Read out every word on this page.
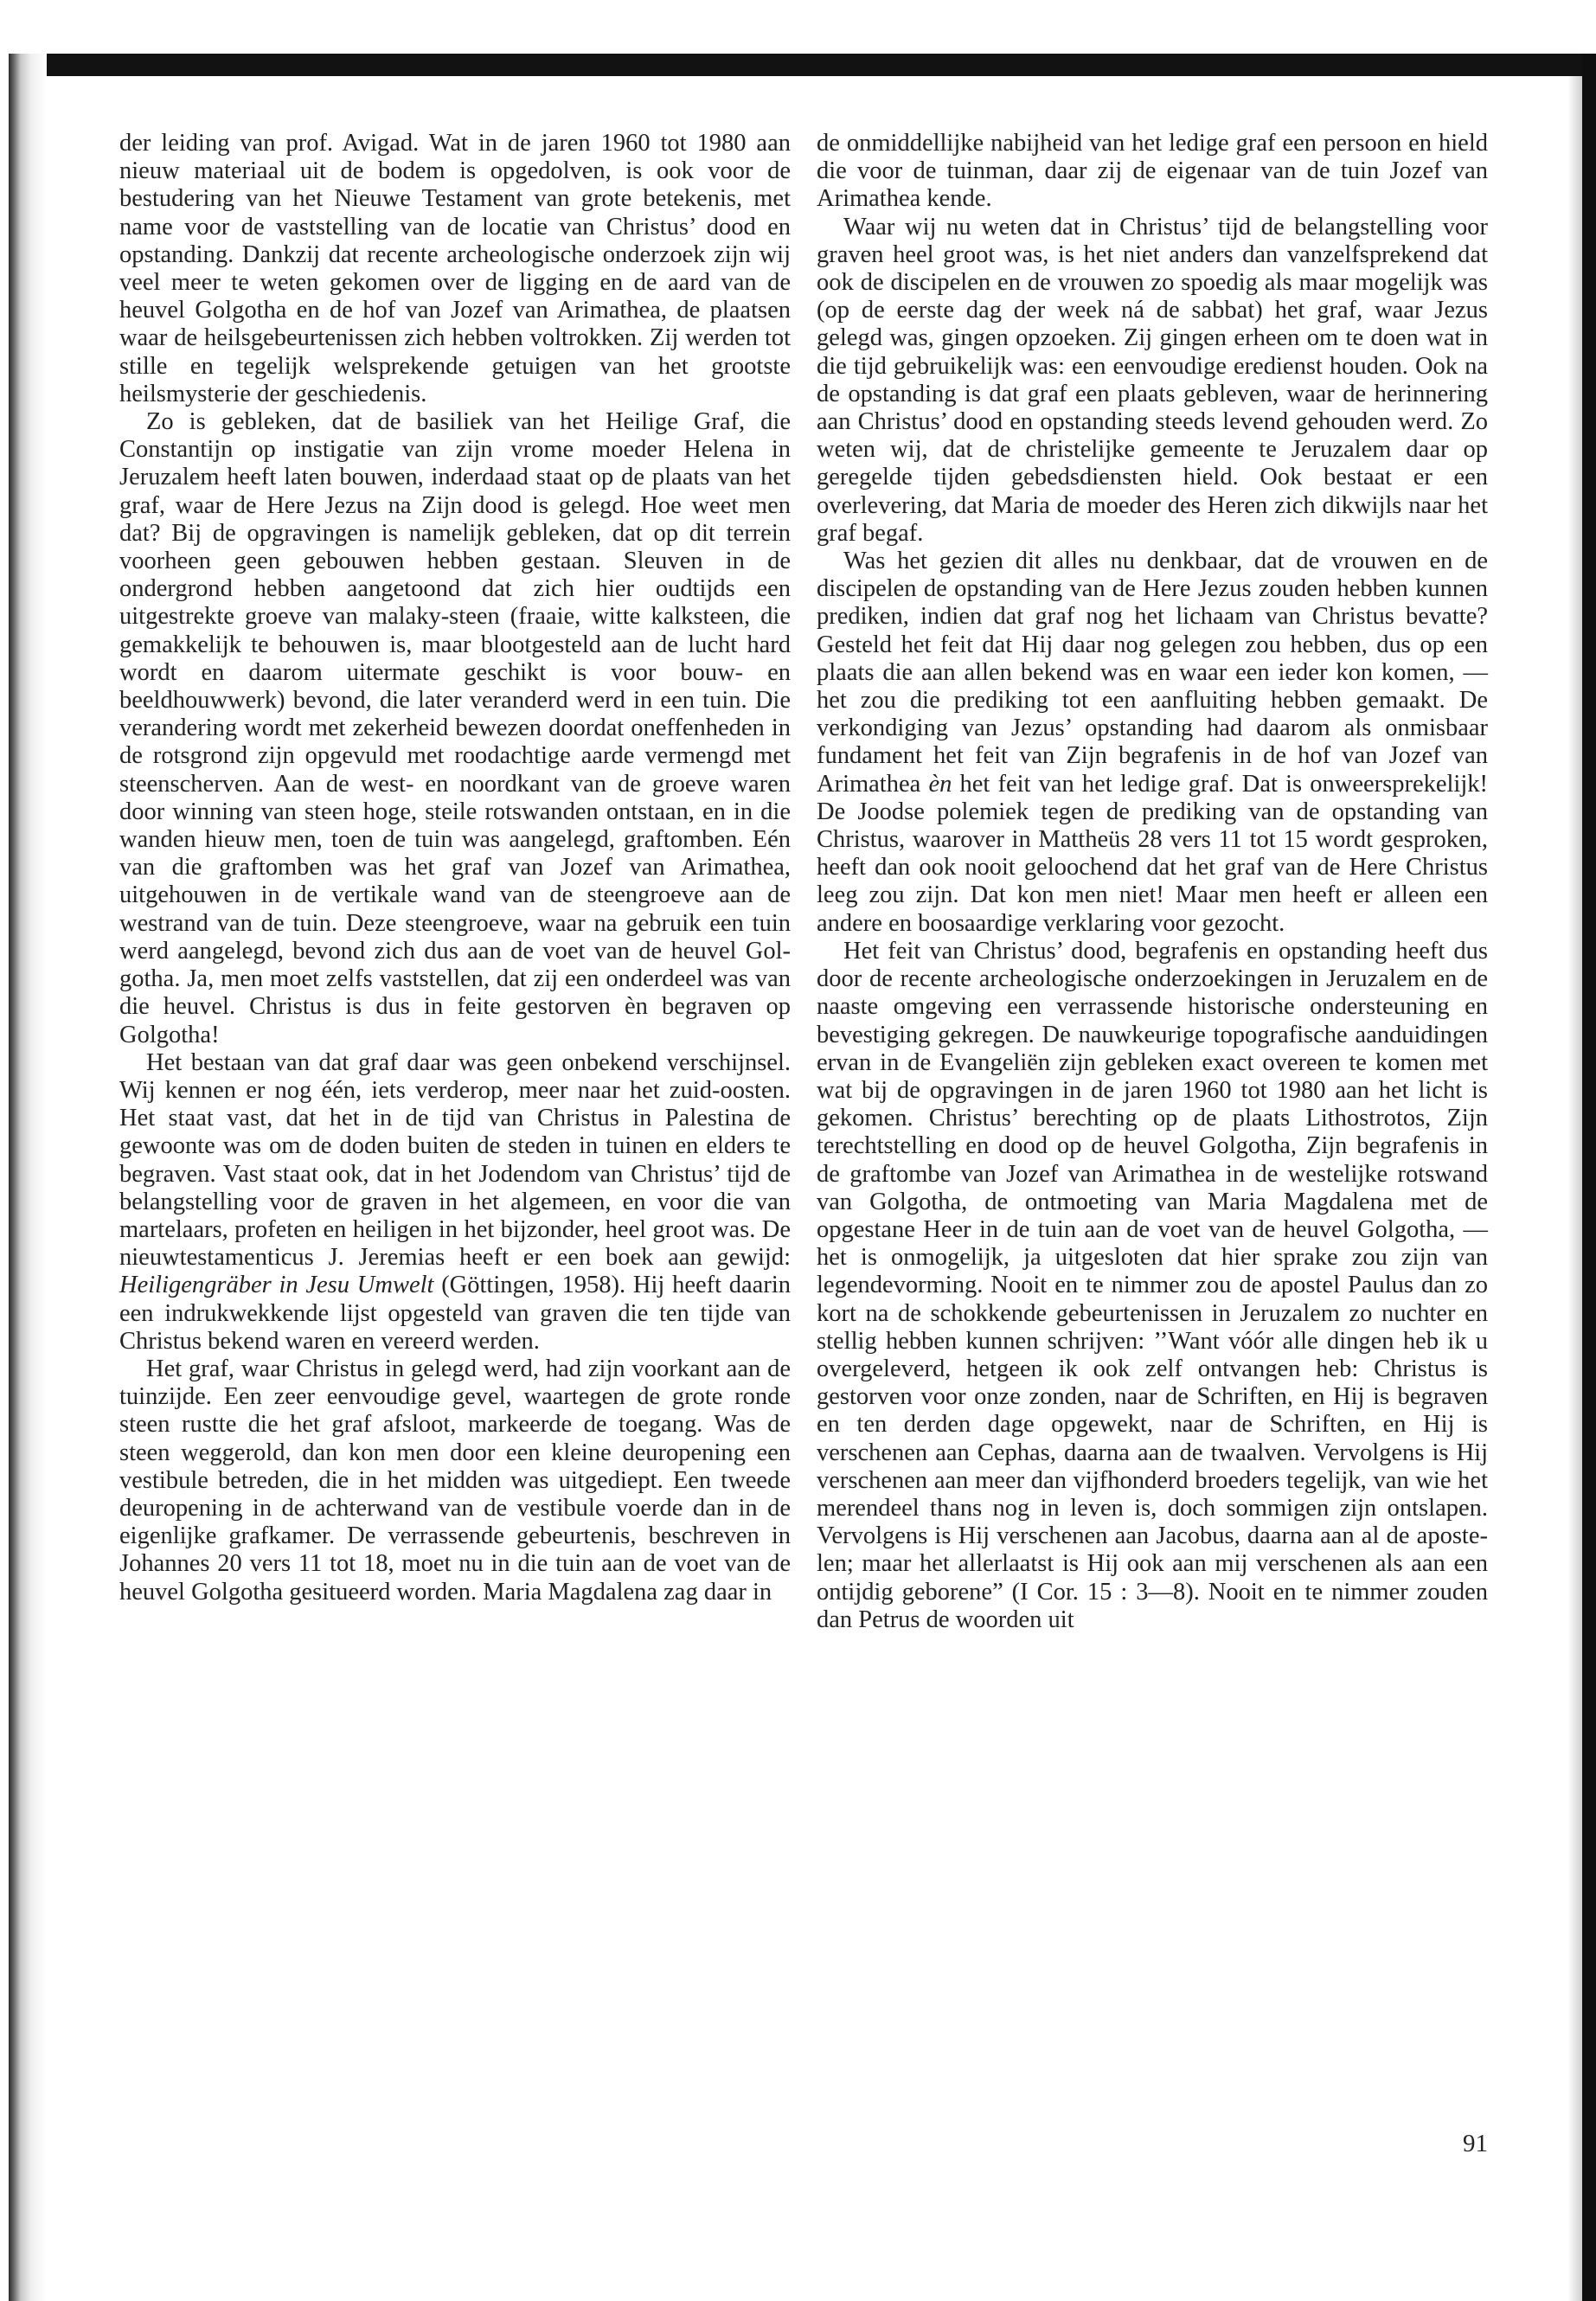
der leiding van prof. Avigad. Wat in de jaren 1960 tot 1980 aan nieuw materiaal uit de bodem is opgedolven, is ook voor de bestudering van het Nieuwe Testament van grote betekenis, met name voor de vaststelling van de locatie van Christus’ dood en opstanding. Dankzij dat recente archeologische onderzoek zijn wij veel meer te weten gekomen over de ligging en de aard van de heuvel Golgotha en de hof van Jozef van Arimathea, de plaatsen waar de heilsgebeurtenissen zich hebben voltrokken. Zij werden tot stille en tegelijk welsprekende getuigen van het grootste heilsmysterie der geschiedenis.

Zo is gebleken, dat de basiliek van het Heilige Graf, die Constantijn op instigatie van zijn vrome moeder Helena in Jeruzalem heeft laten bouwen, inderdaad staat op de plaats van het graf, waar de Here Jezus na Zijn dood is gelegd. Hoe weet men dat? Bij de opgravingen is namelijk gebleken, dat op dit terrein voorheen geen gebouwen hebben gestaan. Sleuven in de ondergrond hebben aangetoond dat zich hier oudtijds een uitgestrekte groeve van malaky-steen (fraaie, witte kalksteen, die gemakkelijk te behouwen is, maar blootgesteld aan de lucht hard wordt en daarom uitermate geschikt is voor bouw- en beeldhouwwerk) bevond, die later veranderd werd in een tuin. Die verandering wordt met zekerheid bewezen doordat oneffenheden in de rotsgrond zijn opgevuld met roodachtige aarde vermengd met steenscherven. Aan de west- en noordkant van de groeve waren door winning van steen hoge, steile rotswanden ontstaan, en in die wanden hieuw men, toen de tuin was aangelegd, graftomben. Eén van die graftomben was het graf van Jozef van Arimathea, uitgehouwen in de vertikale wand van de steengroeve aan de westrand van de tuin. Deze steengroeve, waar na gebruik een tuin werd aangelegd, bevond zich dus aan de voet van de heuvel Golgotha. Ja, men moet zelfs vaststellen, dat zij een onderdeel was van die heuvel. Christus is dus in feite gestorven èn begraven op Golgotha!

Het bestaan van dat graf daar was geen onbekend verschijnsel. Wij kennen er nog één, iets verderop, meer naar het zuid-oosten. Het staat vast, dat het in de tijd van Christus in Palestina de gewoonte was om de doden buiten de steden in tuinen en elders te begraven. Vast staat ook, dat in het Jodendom van Christus’ tijd de belangstelling voor de graven in het algemeen, en voor die van martelaars, profeten en heiligen in het bijzonder, heel groot was. De nieuwtestamenticus J. Jeremias heeft er een boek aan gewijd: Heiligengräber in Jesu Umwelt (Göttingen, 1958). Hij heeft daarin een indrukwekkende lijst opgesteld van graven die ten tijde van Christus bekend waren en vereerd werden.

Het graf, waar Christus in gelegd werd, had zijn voorkant aan de tuinzijde. Een zeer eenvoudige gevel, waartegen de grote ronde steen rustte die het graf afsloot, markeerde de toegang. Was de steen weggerold, dan kon men door een kleine deuropening een vestibule betreden, die in het midden was uitgediept. Een tweede deuropening in de achterwand van de vestibule voerde dan in de eigenlijke grafkamer. De verrassende gebeurtenis, beschreven in Johannes 20 vers 11 tot 18, moet nu in die tuin aan de voet van de heuvel Golgotha gesitueerd worden. Maria Magdalena zag daar in

de onmiddellijke nabijheid van het ledige graf een persoon en hield die voor de tuinman, daar zij de eigenaar van de tuin Jozef van Arimathea kende.

Waar wij nu weten dat in Christus’ tijd de belangstelling voor graven heel groot was, is het niet anders dan vanzelfsprekend dat ook de discipelen en de vrouwen zo spoedig als maar mogelijk was (op de eerste dag der week ná de sabbat) het graf, waar Jezus gelegd was, gingen opzoeken. Zij gingen erheen om te doen wat in die tijd gebruikelijk was: een eenvoudige eredienst houden. Ook na de opstanding is dat graf een plaats gebleven, waar de herinnering aan Christus’ dood en opstanding steeds levend gehouden werd. Zo weten wij, dat de christelijke gemeente te Jeruzalem daar op geregelde tijden gebedsdiensten hield. Ook bestaat er een overlevering, dat Maria de moeder des Heren zich dikwijls naar het graf begaf.

Was het gezien dit alles nu denkbaar, dat de vrouwen en de discipelen de opstanding van de Here Jezus zouden hebben kunnen prediken, indien dat graf nog het lichaam van Christus bevatte? Gesteld het feit dat Hij daar nog gelegen zou hebben, dus op een plaats die aan allen bekend was en waar een ieder kon komen, — het zou die prediking tot een aanfluiting hebben gemaakt. De verkondiging van Jezus’ opstanding had daarom als onmisbaar fundament het feit van Zijn begrafenis in de hof van Jozef van Arimathea èn het feit van het ledige graf. Dat is onweersprekelijk! De Joodse polemiek tegen de prediking van de opstanding van Christus, waarover in Mattheüs 28 vers 11 tot 15 wordt gesproken, heeft dan ook nooit geloochend dat het graf van de Here Christus leeg zou zijn. Dat kon men niet! Maar men heeft er alleen een andere en boosaardige verklaring voor gezocht.

Het feit van Christus’ dood, begrafenis en opstanding heeft dus door de recente archeologische onderzoekingen in Jeruzalem en de naaste omgeving een verrassende historische ondersteuning en bevestiging gekregen. De nauwkeurige topografische aanduidingen ervan in de Evangeliën zijn gebleken exact overeen te komen met wat bij de opgravingen in de jaren 1960 tot 1980 aan het licht is gekomen. Christus’ berechting op de plaats Lithostrotos, Zijn terechtstelling en dood op de heuvel Golgotha, Zijn begrafenis in de graftombe van Jozef van Arimathea in de westelijke rotswand van Golgotha, de ontmoeting van Maria Magdalena met de opgestane Heer in de tuin aan de voet van de heuvel Golgotha, — het is onmogelijk, ja uitgesloten dat hier sprake zou zijn van legendevorming. Nooit en te nimmer zou de apostel Paulus dan zo kort na de schokkende gebeurtenissen in Jeruzalem zo nuchter en stellig hebben kunnen schrijven: ’’Want vóór alle dingen heb ik u overgeleverd, hetgeen ik ook zelf ontvangen heb: Christus is gestorven voor onze zonden, naar de Schriften, en Hij is begraven en ten derden dage opgewekt, naar de Schriften, en Hij is verschenen aan Cephas, daarna aan de twaalven. Vervolgens is Hij verschenen aan meer dan vijfhonderd broeders tegelijk, van wie het merendeel thans nog in leven is, doch sommigen zijn ontslapen. Vervolgens is Hij verschenen aan Jacobus, daarna aan al de apostelen; maar het allerlaatst is Hij ook aan mij verschenen als aan een ontijdig geborene” (I Cor. 15 : 3—8). Nooit en te nimmer zouden dan Petrus de woorden uit

91
